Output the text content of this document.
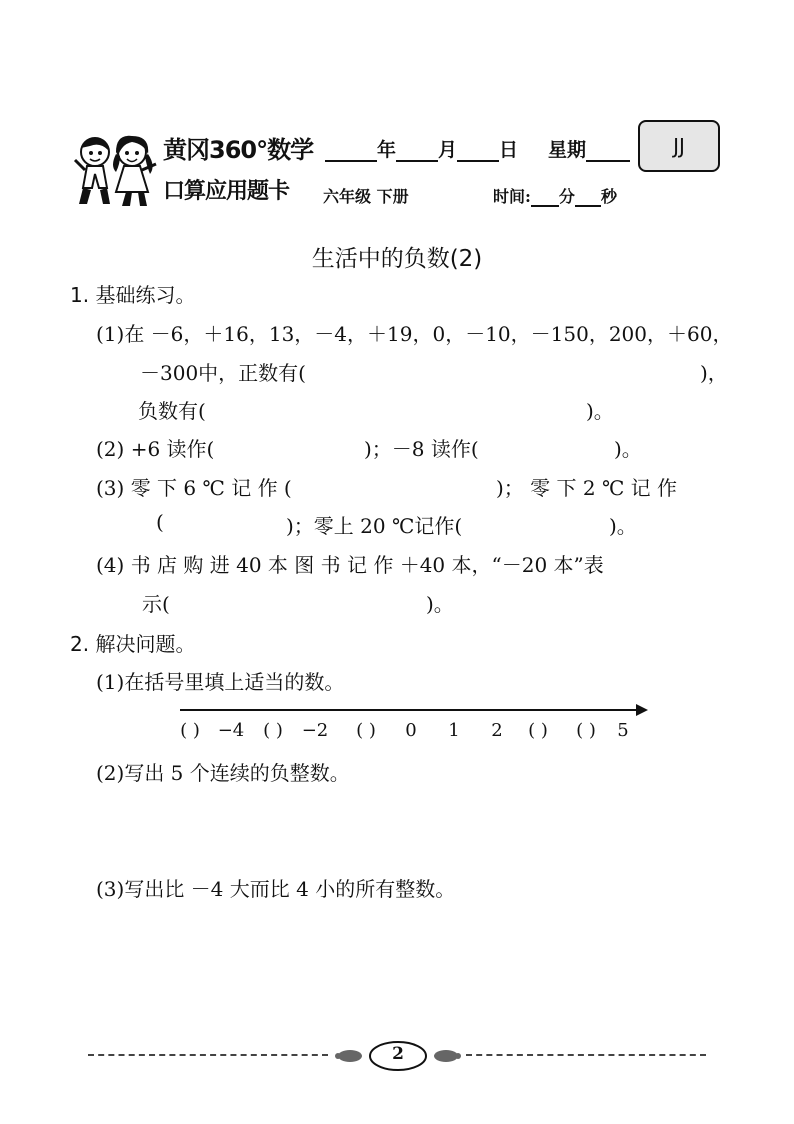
黄冈360°数学
口算应用题卡
年 月 日 星期	JJ
六年级 下册	时间: 分 秒
生活中的负数(2)
1. 基础练习。
(1)在 －6，＋16，13，－4，＋19，0，－10，－150，200，＋60，
－300中，正数有(	)，
负数有(	)。
(2) +6 读作(	)；－8 读作(	)。
(3) 零 下 6 ℃ 记 作 (	)； 零 下 2 ℃ 记 作
(	)；零上 20 ℃记作(	)。
(4) 书 店 购 进 40 本 图 书 记 作 ＋40 本，“－20 本”表
示(	)。
2. 解决问题。
(1)在括号里填上适当的数。
( ) −4	( )	−2	( )	0	1	2	( )	( )	5
(2)写出 5 个连续的负整数。
(3)写出比 －4 大而比 4 小的所有整数。
2
